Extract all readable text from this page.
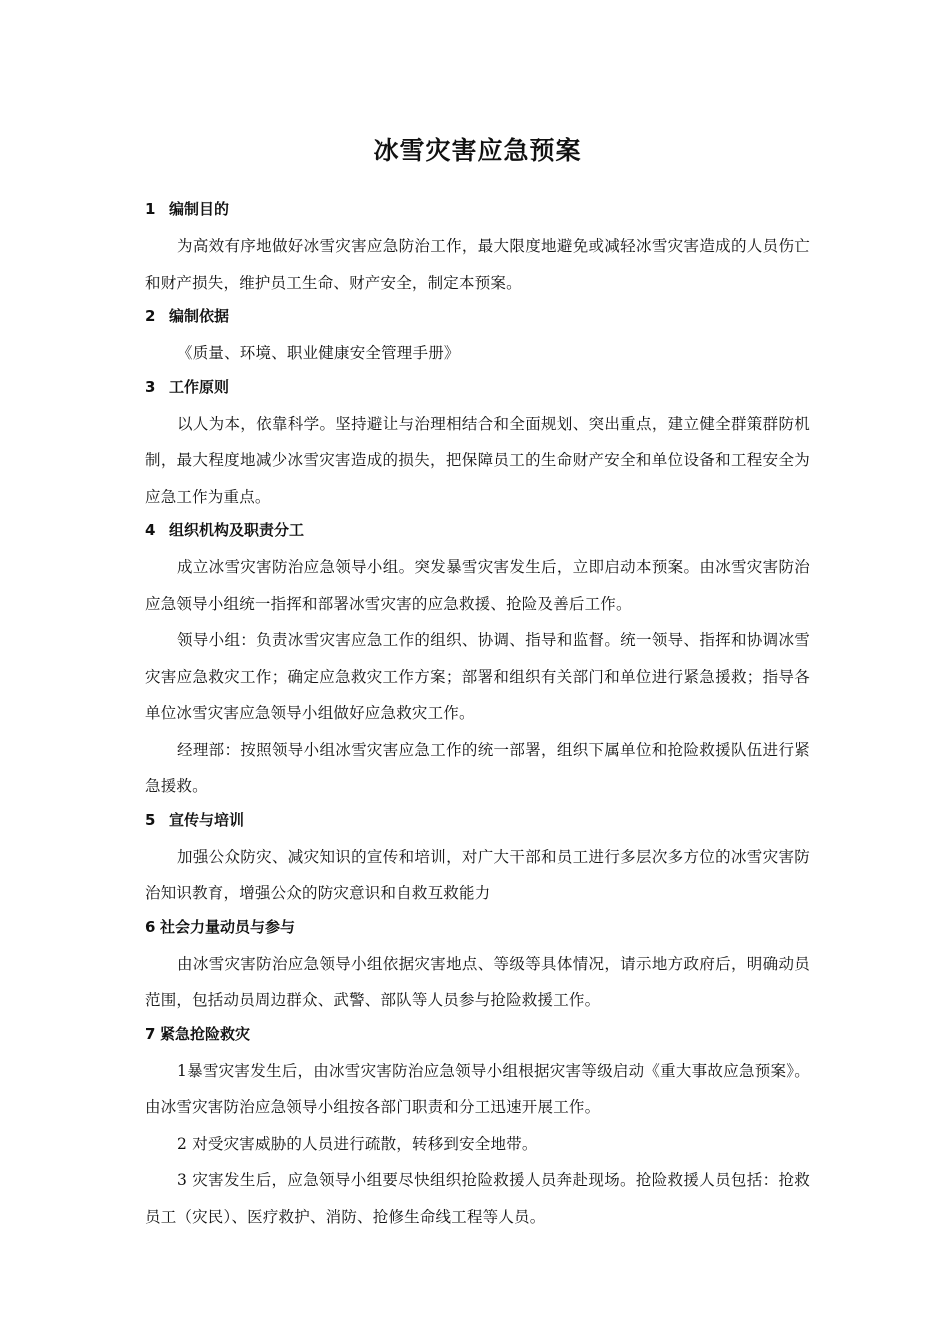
冰雪灾害应急预案
1 编制目的

为高效有序地做好冰雪灾害应急防治工作，最大限度地避免或减轻冰雪灾害造成的人员伤亡和财产损失，维护员工生命、财产安全，制定本预案。

2 编制依据

《质量、环境、职业健康安全管理手册》

3 工作原则

以人为本，依靠科学。坚持避让与治理相结合和全面规划、突出重点，建立健全群策群防机制，最大程度地减少冰雪灾害造成的损失，把保障员工的生命财产安全和单位设备和工程安全为应急工作为重点。

4 组织机构及职责分工

成立冰雪灾害防治应急领导小组。突发暴雪灾害发生后，立即启动本预案。由冰雪灾害防治应急领导小组统一指挥和部署冰雪灾害的应急救援、抢险及善后工作。

领导小组：负责冰雪灾害应急工作的组织、协调、指导和监督。统一领导、指挥和协调冰雪灾害应急救灾工作；确定应急救灾工作方案；部署和组织有关部门和单位进行紧急援救；指导各单位冰雪灾害应急领导小组做好应急救灾工作。

经理部：按照领导小组冰雪灾害应急工作的统一部署，组织下属单位和抢险救援队伍进行紧急援救。

5 宣传与培训

加强公众防灾、减灾知识的宣传和培训，对广大干部和员工进行多层次多方位的冰雪灾害防治知识教育，增强公众的防灾意识和自救互救能力

6 社会力量动员与参与

由冰雪灾害防治应急领导小组依据灾害地点、等级等具体情况，请示地方政府后，明确动员范围，包括动员周边群众、武警、部队等人员参与抢险救援工作。

7 紧急抢险救灾

1暴雪灾害发生后，由冰雪灾害防治应急领导小组根据灾害等级启动《重大事故应急预案》。由冰雪灾害防治应急领导小组按各部门职责和分工迅速开展工作。

2 对受灾害威胁的人员进行疏散，转移到安全地带。

3 灾害发生后，应急领导小组要尽快组织抢险救援人员奔赴现场。抢险救援人员包括：抢救员工（灾民）、医疗救护、消防、抢修生命线工程等人员。
